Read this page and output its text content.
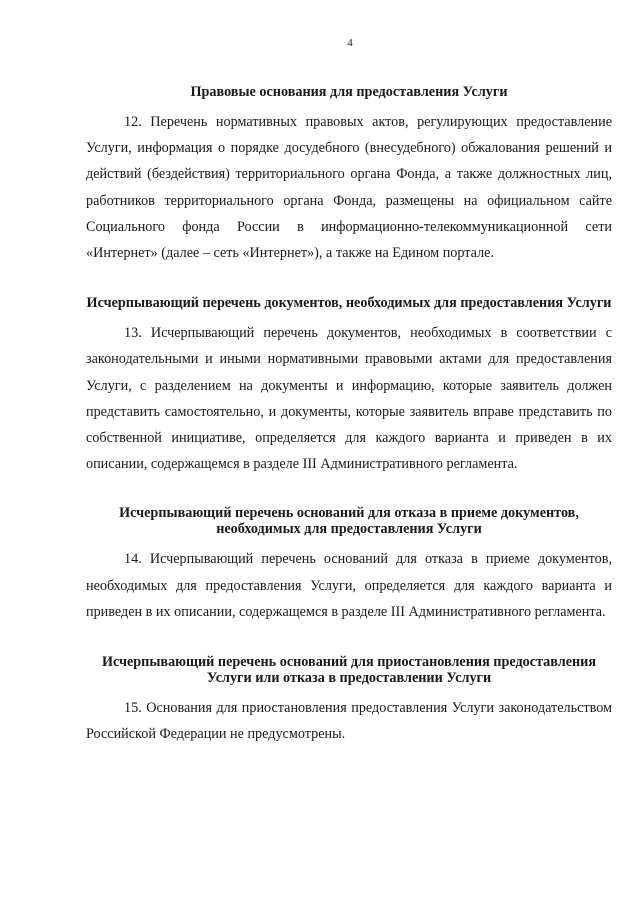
4

Правовые основания для предоставления Услуги

12. Перечень нормативных правовых актов, регулирующих предоставление Услуги, информация о порядке досудебного (внесудебного) обжалования решений и действий (бездействия) территориального органа Фонда, а также должностных лиц, работников территориального органа Фонда, размещены на официальном сайте Социального фонда России в информационно-телекоммуникационной сети «Интернет» (далее – сеть «Интернет»), а также на Едином портале.

Исчерпывающий перечень документов, необходимых для предоставления Услуги

13. Исчерпывающий перечень документов, необходимых в соответствии с законодательными и иными нормативными правовыми актами для предоставления Услуги, с разделением на документы и информацию, которые заявитель должен представить самостоятельно, и документы, которые заявитель вправе представить по собственной инициативе, определяется для каждого варианта и приведен в их описании, содержащемся в разделе III Административного регламента.

Исчерпывающий перечень оснований для отказа в приеме документов, необходимых для предоставления Услуги

14. Исчерпывающий перечень оснований для отказа в приеме документов, необходимых для предоставления Услуги, определяется для каждого варианта и приведен в их описании, содержащемся в разделе III Административного регламента.

Исчерпывающий перечень оснований для приостановления предоставления Услуги или отказа в предоставлении Услуги

15. Основания для приостановления предоставления Услуги законодательством Российской Федерации не предусмотрены.
